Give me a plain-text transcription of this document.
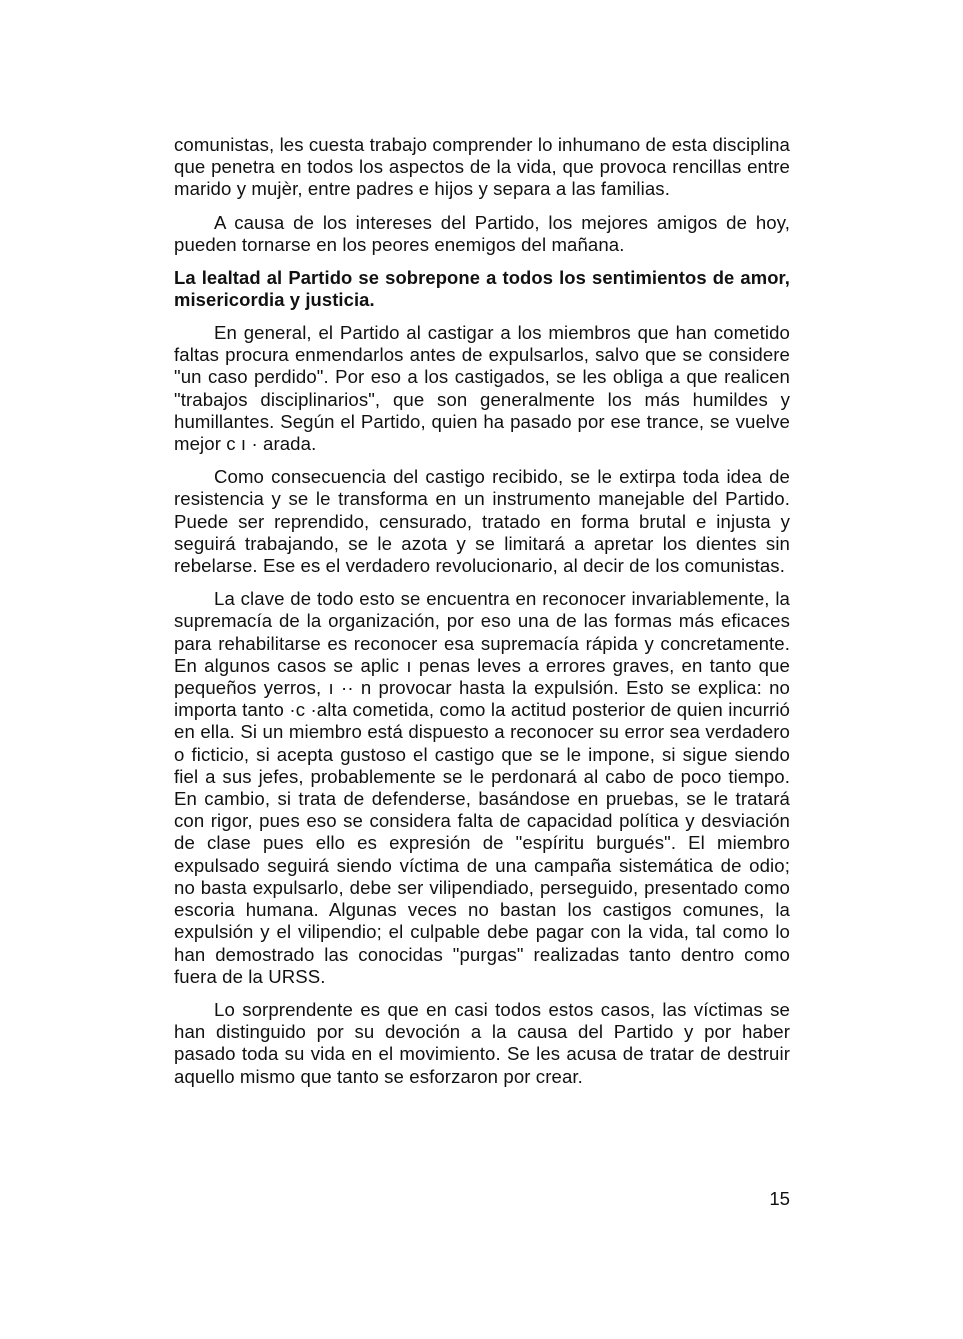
comunistas, les cuesta trabajo comprender lo inhumano de esta disciplina que penetra en todos los aspectos de la vida, que provoca rencillas entre marido y mujèr, entre padres e hijos y separa a las familias.

A causa de los intereses del Partido, los mejores amigos de hoy, pueden tornarse en los peores enemigos del mañana.

La lealtad al Partido se sobrepone a todos los sentimientos de amor, misericordia y justicia.

En general, el Partido al castigar a los miembros que han cometido faltas procura enmendarlos antes de expulsarlos, salvo que se considere "un caso perdido". Por eso a los castigados, se les obliga a que realicen "trabajos disciplinarios", que son generalmente los más humildes y humillantes. Según el Partido, quien ha pasado por ese trance, se vuelve mejor c ı · arada.

Como consecuencia del castigo recibido, se le extirpa toda idea de resistencia y se le transforma en un instrumento manejable del Partido. Puede ser reprendido, censurado, tratado en forma brutal e injusta y seguirá trabajando, se le azota y se limitará a apretar los dientes sin rebelarse. Ese es el verdadero revolucionario, al decir de los comunistas.

La clave de todo esto se encuentra en reconocer invariablemente, la supremacía de la organización, por eso una de las formas más eficaces para rehabilitarse es reconocer esa supremacía rápida y concretamente. En algunos casos se aplic ı penas leves a errores graves, en tanto que pequeños yerros, ı ·· n provocar hasta la expulsión. Esto se explica: no importa tanto ·c ·alta cometida, como la actitud posterior de quien incurrió en ella. Si un miembro está dispuesto a reconocer su error sea verdadero o ficticio, si acepta gustoso el castigo que se le impone, si sigue siendo fiel a sus jefes, probablemente se le perdonará al cabo de poco tiempo. En cambio, si trata de defenderse, basándose en pruebas, se le tratará con rigor, pues eso se considera falta de capacidad política y desviación de clase pues ello es expresión de "espíritu burgués". El miembro expulsado seguirá siendo víctima de una campaña sistemática de odio; no basta expulsarlo, debe ser vilipendiado, perseguido, presentado como escoria humana. Algunas veces no bastan los castigos comunes, la expulsión y el vilipendio; el culpable debe pagar con la vida, tal como lo han demostrado las conocidas "purgas" realizadas tanto dentro como fuera de la URSS.

Lo sorprendente es que en casi todos estos casos, las víctimas se han distinguido por su devoción a la causa del Partido y por haber pasado toda su vida en el movimiento. Se les acusa de tratar de destruir aquello mismo que tanto se esforzaron por crear.

15
